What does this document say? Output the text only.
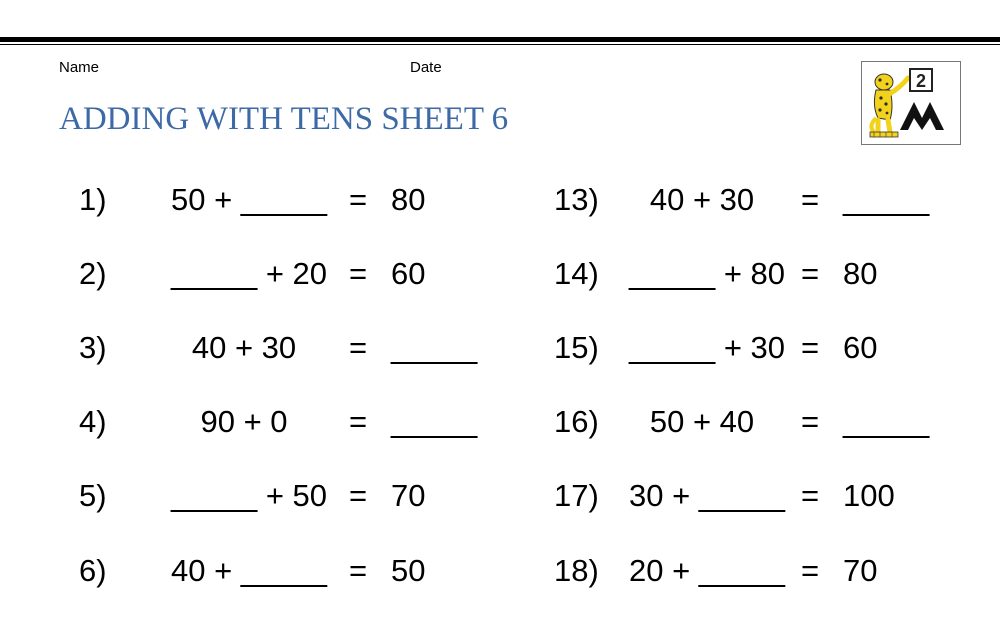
Name	Date
ADDING WITH TENS SHEET 6
2
1) 50 + _____ = 80
2) _____ + 20 = 60
3)	40 + 30	= _____
4)	90 + 0	= _____
5) _____ + 50 = 70
6) 40 + _____ = 50
13)	40 + 30	= _____
14) _____ + 80 = 80
15) _____ + 30 = 60
16)	50 + 40	= _____
17) 30 + _____ = 100
18) 20 + _____ = 70
